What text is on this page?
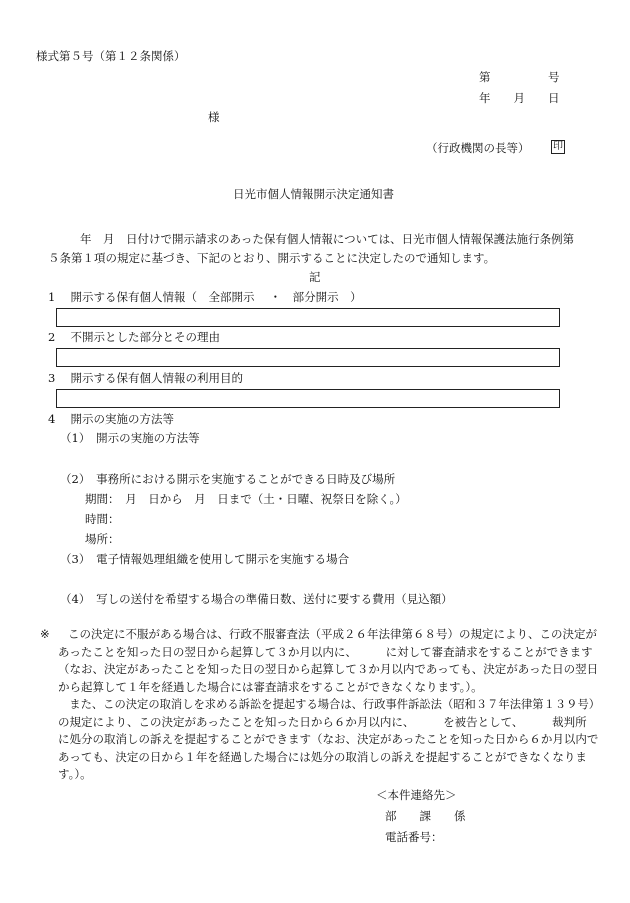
様式第５号（第１２条関係）
第　　　　　号
年　　月　　日
様
（行政機関の長等） 印
日光市個人情報開示決定通知書
年　月　日付けで開示請求のあった保有個人情報については、日光市個人情報保護法施行条例第
５条第１項の規定に基づき、下記のとおり、開示することに決定したので通知します。
記
1　 開示する保有個人情報（　全部開示　 ・　部分開示　）
2　 不開示とした部分とその理由
3　 開示する保有個人情報の利用目的
4　 開示の実施の方法等
（1）　開示の実施の方法等
（2）　事務所における開示を実施することができる日時及び場所
期間：　月　日から　月　日まで（土・日曜、祝祭日を除く。）
時間：
場所：
（3）　電子情報処理組織を使用して開示を実施する場合
（4）　写しの送付を希望する場合の準備日数、送付に要する費用（見込額）
※ この決定に不服がある場合は、行政不服審査法（平成２６年法律第６８号）の規定により、この決定が
あったことを知った日の翌日から起算して３か月以内に、　　　に対して審査請求をすることができます
（なお、決定があったことを知った日の翌日から起算して３か月以内であっても、決定があった日の翌日
から起算して１年を経過した場合には審査請求をすることができなくなります。）。
　また、この決定の取消しを求める訴訟を提起する場合は、行政事件訴訟法（昭和３７年法律第１３９号）
の規定により、この決定があったことを知った日から６か月以内に、　　　を被告として、　　　裁判所
に処分の取消しの訴えを提起することができます（なお、決定があったことを知った日から６か月以内で
あっても、決定の日から１年を経過した場合には処分の取消しの訴えを提起することができなくなりま
す。）。
＜本件連絡先＞
部　　課　　係
電話番号：
